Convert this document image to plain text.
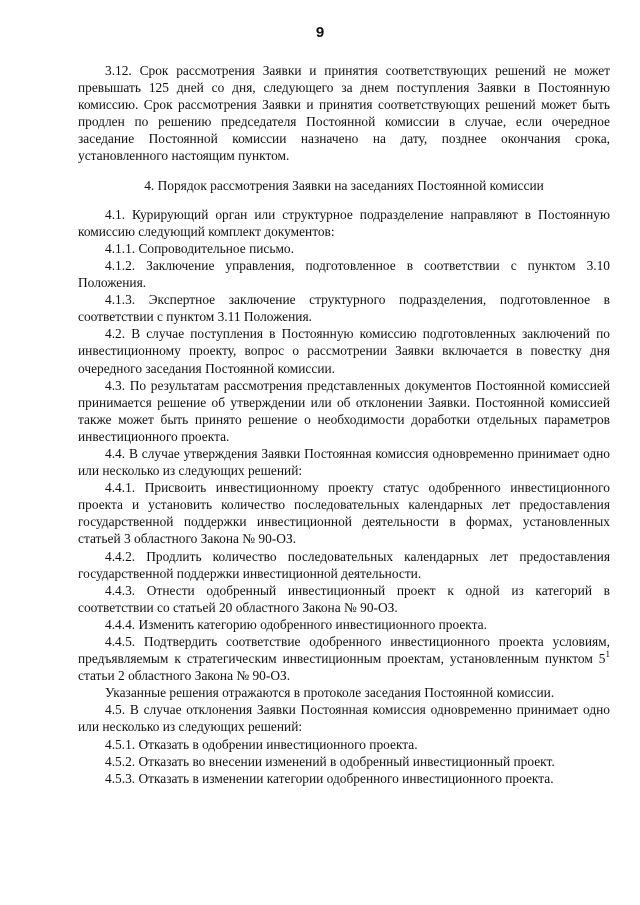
9

3.12. Срок рассмотрения Заявки и принятия соответствующих решений не может превышать 125 дней со дня, следующего за днем поступления Заявки в Постоянную комиссию. Срок рассмотрения Заявки и принятия соответствующих решений может быть продлен по решению председателя Постоянной комиссии в случае, если очередное заседание Постоянной комиссии назначено на дату, позднее окончания срока, установленного настоящим пунктом.

4. Порядок рассмотрения Заявки на заседаниях Постоянной комиссии

4.1. Курирующий орган или структурное подразделение направляют в Постоянную комиссию следующий комплект документов:

4.1.1. Сопроводительное письмо.

4.1.2. Заключение управления, подготовленное в соответствии с пунктом 3.10 Положения.

4.1.3. Экспертное заключение структурного подразделения, подготовленное в соответствии с пунктом 3.11 Положения.

4.2. В случае поступления в Постоянную комиссию подготовленных заключений по инвестиционному проекту, вопрос о рассмотрении Заявки включается в повестку дня очередного заседания Постоянной комиссии.

4.3. По результатам рассмотрения представленных документов Постоянной комиссией принимается решение об утверждении или об отклонении Заявки. Постоянной комиссией также может быть принято решение о необходимости доработки отдельных параметров инвестиционного проекта.

4.4. В случае утверждения Заявки Постоянная комиссия одновременно принимает одно или несколько из следующих решений:

4.4.1. Присвоить инвестиционному проекту статус одобренного инвестиционного проекта и установить количество последовательных календарных лет предоставления государственной поддержки инвестиционной деятельности в формах, установленных статьей 3 областного Закона № 90-ОЗ.

4.4.2. Продлить количество последовательных календарных лет предоставления государственной поддержки инвестиционной деятельности.

4.4.3. Отнести одобренный инвестиционный проект к одной из категорий в соответствии со статьей 20 областного Закона № 90-ОЗ.

4.4.4. Изменить категорию одобренного инвестиционного проекта.

4.4.5. Подтвердить соответствие одобренного инвестиционного проекта условиям, предъявляемым к стратегическим инвестиционным проектам, установленным пунктом $5^1$ статьи 2 областного Закона № 90-ОЗ.

Указанные решения отражаются в протоколе заседания Постоянной комиссии.

4.5. В случае отклонения Заявки Постоянная комиссия одновременно принимает одно или несколько из следующих решений:

4.5.1. Отказать в одобрении инвестиционного проекта.

4.5.2. Отказать во внесении изменений в одобренный инвестиционный проект.

4.5.3. Отказать в изменении категории одобренного инвестиционного проекта.
